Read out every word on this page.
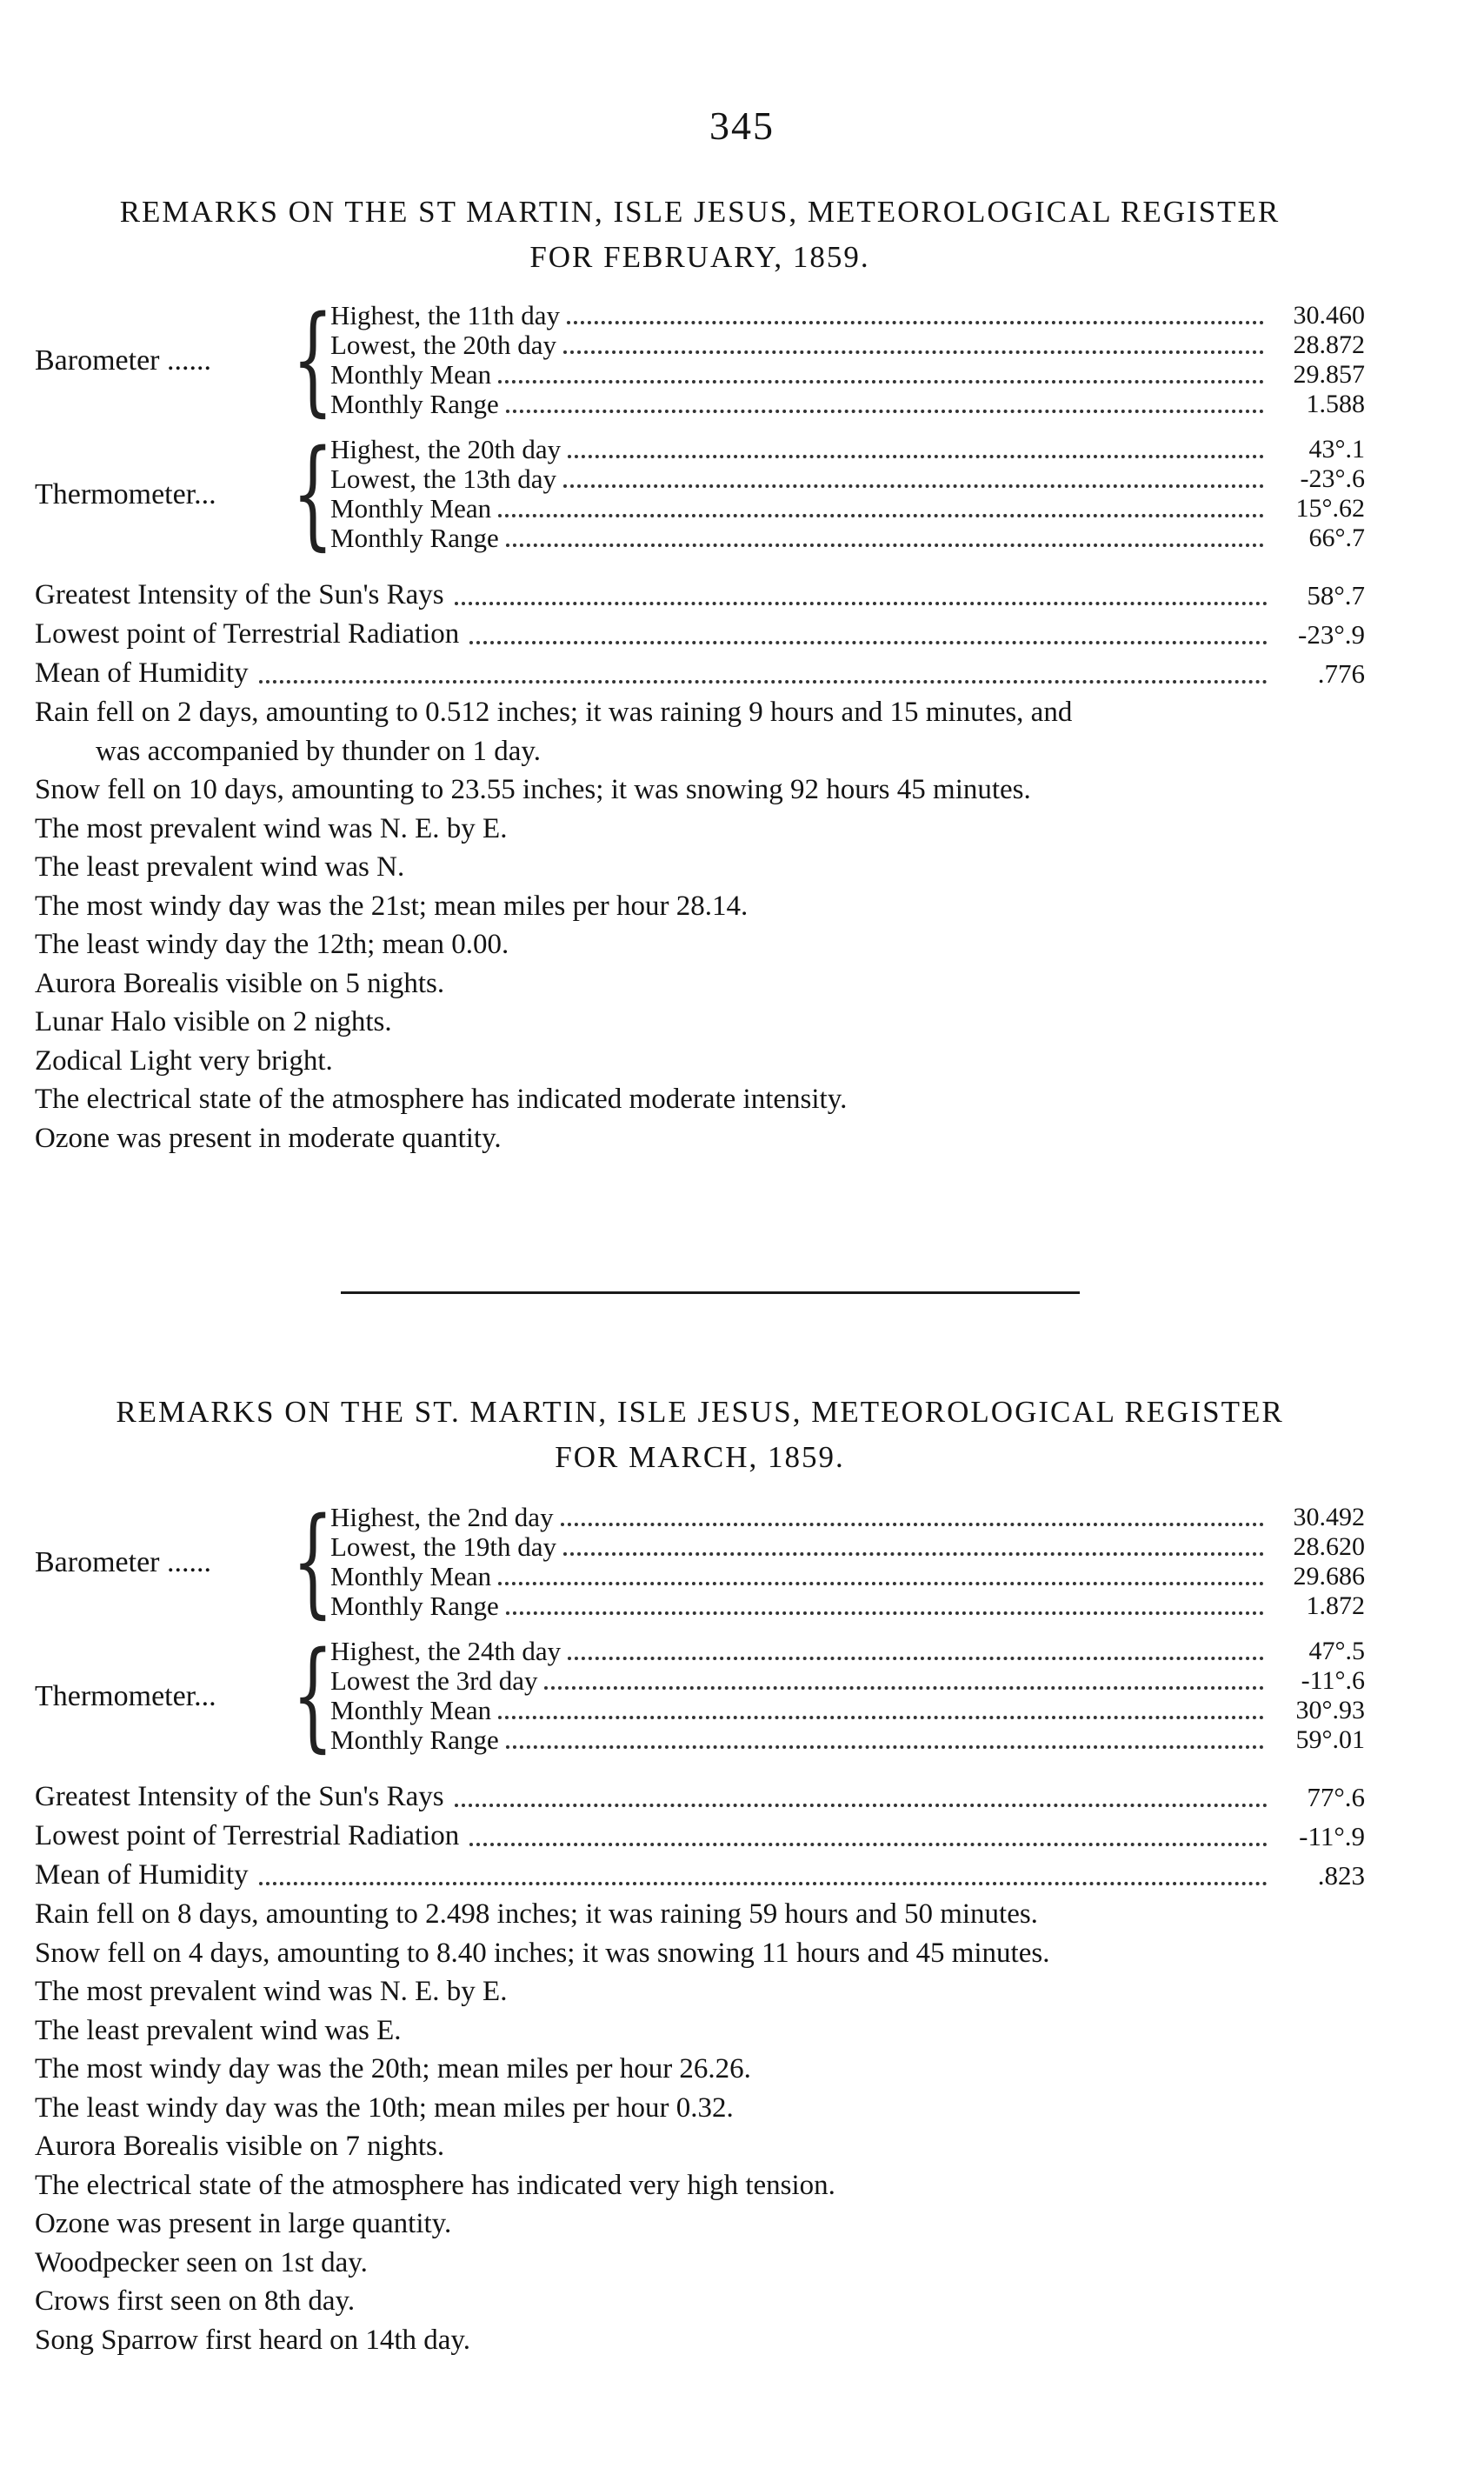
345
REMARKS ON THE ST MARTIN, ISLE JESUS, METEOROLOGICAL REGISTER
FOR FEBRUARY, 1859.
Barometer ...... {
Highest, the 11th day	30.460
Lowest, the 20th day	28.872
Monthly Mean	29.857
Monthly Range	1.588
Thermometer... {
Highest, the 20th day	43°.1
Lowest, the 13th day	-23°.6
Monthly Mean	15°.62
Monthly Range	66°.7
Greatest Intensity of the Sun's Rays	58°.7
Lowest point of Terrestrial Radiation	-23°.9
Mean of Humidity	.776
Rain fell on 2 days, amounting to 0.512 inches; it was raining 9 hours and 15 minutes, and
was accompanied by thunder on 1 day.
Snow fell on 10 days, amounting to 23.55 inches; it was snowing 92 hours 45 minutes.
The most prevalent wind was N. E. by E.
The least prevalent wind was N.
The most windy day was the 21st; mean miles per hour 28.14.
The least windy day the 12th; mean 0.00.
Aurora Borealis visible on 5 nights.
Lunar Halo visible on 2 nights.
Zodical Light very bright.
The electrical state of the atmosphere has indicated moderate intensity.
Ozone was present in moderate quantity.
REMARKS ON THE ST. MARTIN, ISLE JESUS, METEOROLOGICAL REGISTER
FOR MARCH, 1859.
Barometer ...... {
Highest, the 2nd day	30.492
Lowest, the 19th day	28.620
Monthly Mean	29.686
Monthly Range	1.872
Thermometer... {
Highest, the 24th day	47°.5
Lowest the 3rd day	-11°.6
Monthly Mean	30°.93
Monthly Range	59°.01
Greatest Intensity of the Sun's Rays	77°.6
Lowest point of Terrestrial Radiation	-11°.9
Mean of Humidity	.823
Rain fell on 8 days, amounting to 2.498 inches; it was raining 59 hours and 50 minutes.
Snow fell on 4 days, amounting to 8.40 inches; it was snowing 11 hours and 45 minutes.
The most prevalent wind was N. E. by E.
The least prevalent wind was E.
The most windy day was the 20th; mean miles per hour 26.26.
The least windy day was the 10th; mean miles per hour 0.32.
Aurora Borealis visible on 7 nights.
The electrical state of the atmosphere has indicated very high tension.
Ozone was present in large quantity.
Woodpecker seen on 1st day.
Crows first seen on 8th day.
Song Sparrow first heard on 14th day.
